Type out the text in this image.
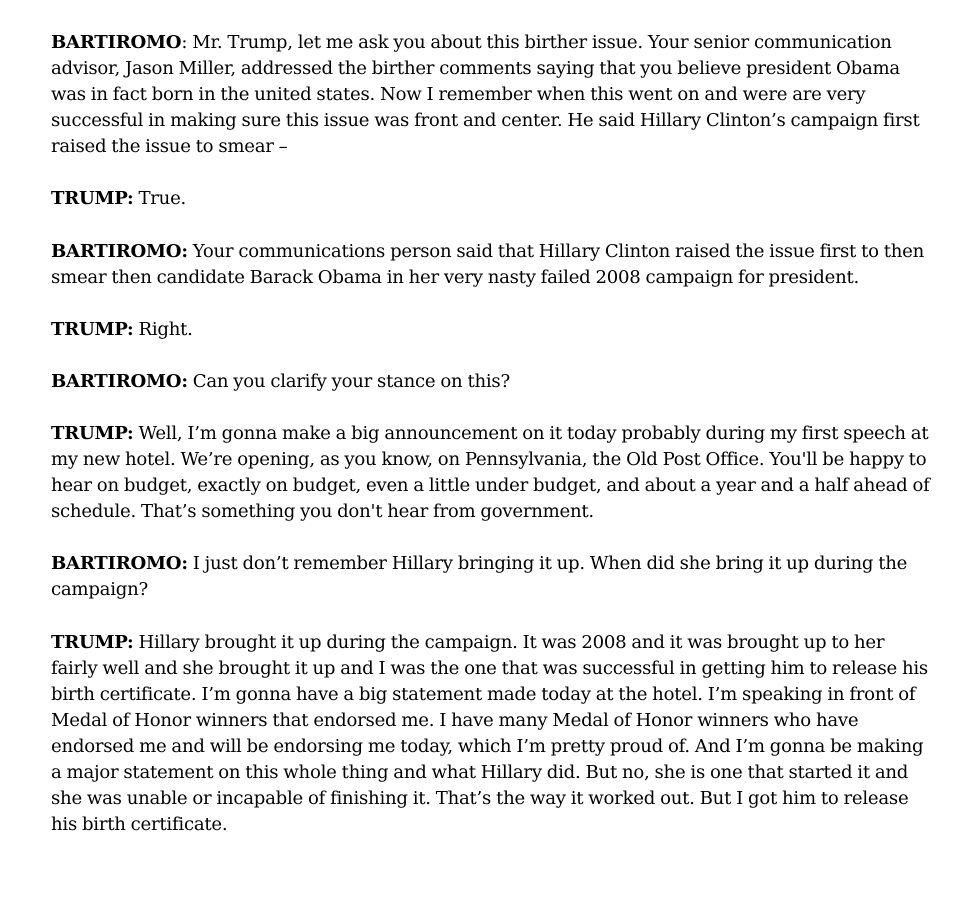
BARTIROMO: Mr. Trump, let me ask you about this birther issue. Your senior communication advisor, Jason Miller, addressed the birther comments saying that you believe president Obama was in fact born in the united states. Now I remember when this went on and were are very successful in making sure this issue was front and center. He said Hillary Clinton’s campaign first raised the issue to smear –

TRUMP: True.

BARTIROMO: Your communications person said that Hillary Clinton raised the issue first to then smear then candidate Barack Obama in her very nasty failed 2008 campaign for president.

TRUMP: Right.

BARTIROMO: Can you clarify your stance on this?

TRUMP: Well, I’m gonna make a big announcement on it today probably during my first speech at my new hotel. We’re opening, as you know, on Pennsylvania, the Old Post Office. You'll be happy to hear on budget, exactly on budget, even a little under budget, and about a year and a half ahead of schedule. That’s something you don't hear from government.

BARTIROMO: I just don’t remember Hillary bringing it up. When did she bring it up during the campaign?

TRUMP: Hillary brought it up during the campaign. It was 2008 and it was brought up to her fairly well and she brought it up and I was the one that was successful in getting him to release his birth certificate. I’m gonna have a big statement made today at the hotel. I’m speaking in front of Medal of Honor winners that endorsed me. I have many Medal of Honor winners who have endorsed me and will be endorsing me today, which I’m pretty proud of. And I’m gonna be making a major statement on this whole thing and what Hillary did. But no, she is one that started it and she was unable or incapable of finishing it. That’s the way it worked out. But I got him to release his birth certificate.
